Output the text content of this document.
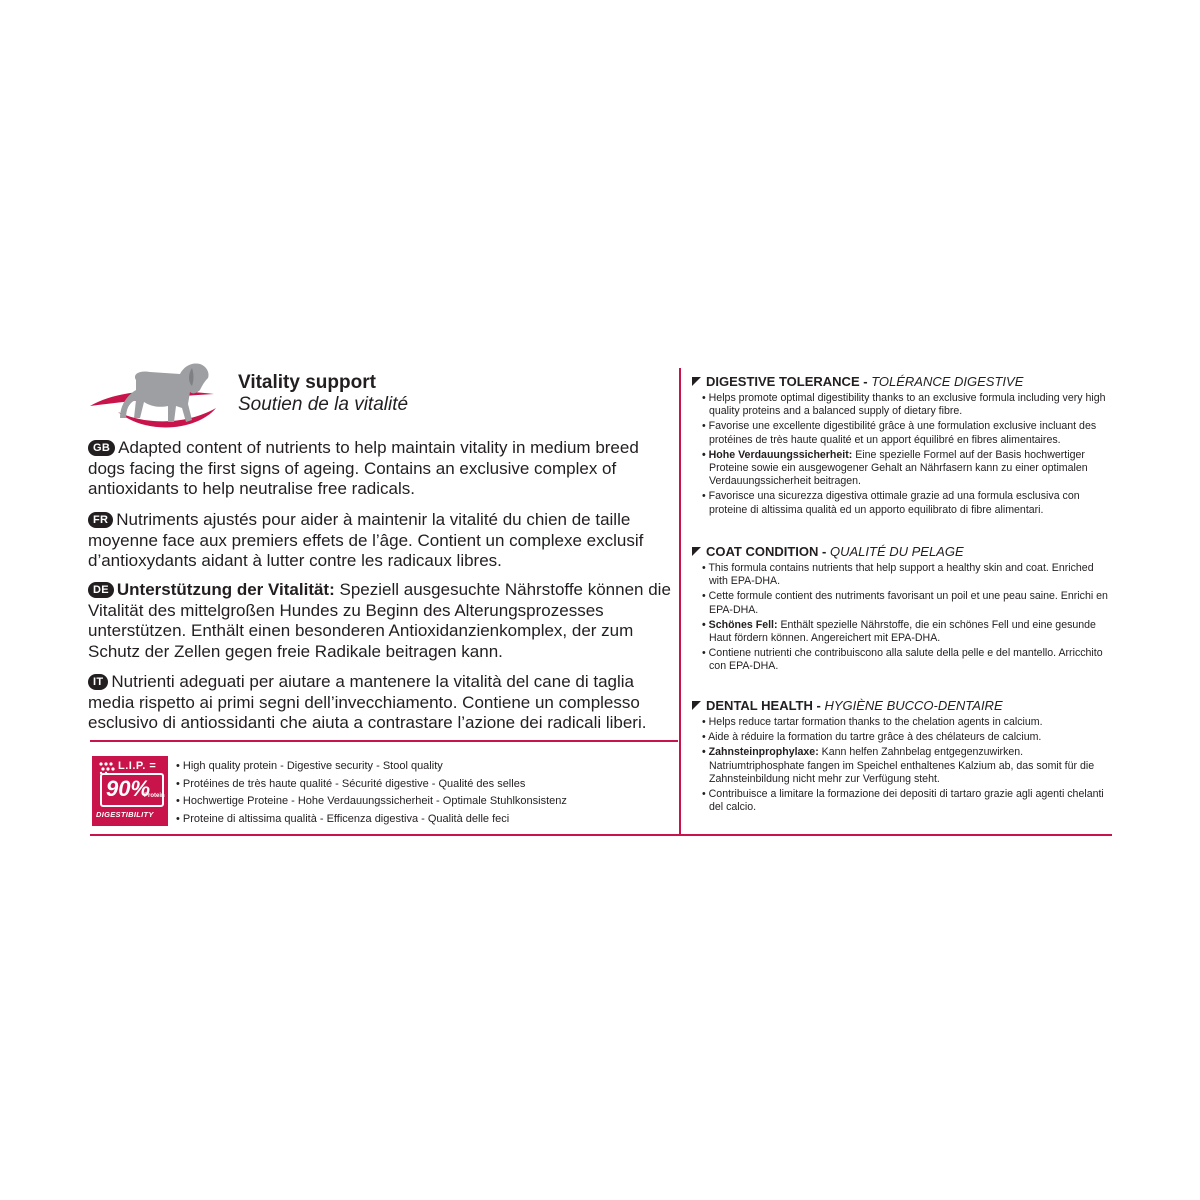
Vitality support
Soutien de la vitalité
GB Adapted content of nutrients to help maintain vitality in medium breed dogs facing the first signs of ageing. Contains an exclusive complex of antioxidants to help neutralise free radicals.
FR Nutriments ajustés pour aider à maintenir la vitalité du chien de taille moyenne face aux premiers effets de l’âge. Contient un complexe exclusif d’antioxydants aidant à lutter contre les radicaux libres.
DE Unterstützung der Vitalität: Speziell ausgesuchte Nährstoffe können die Vitalität des mittelgroßen Hundes zu Beginn des Alterungsprozesses unterstützen. Enthält einen besonderen Antioxidanzienkomplex, der zum Schutz der Zellen gegen freie Radikale beitragen kann.
IT Nutrienti adeguati per aiutare a mantenere la vitalità del cane di taglia media rispetto ai primi segni dell’invecchiamento. Contiene un complesso esclusivo di antiossidanti che aiuta a contrastare l’azione dei radicali liberi.
L.I.P. =
90%
Protein
DIGESTIBILITY
• High quality protein - Digestive security - Stool quality
• Protéines de très haute qualité - Sécurité digestive - Qualité des selles
• Hochwertige Proteine - Hohe Verdauungssicherheit - Optimale Stuhlkonsistenz
• Proteine di altissima qualità - Efficenza digestiva - Qualità delle feci
DIGESTIVE TOLERANCE - TOLÉRANCE DIGESTIVE
• Helps promote optimal digestibility thanks to an exclusive formula including very high quality proteins and a balanced supply of dietary fibre.
• Favorise une excellente digestibilité grâce à une formulation exclusive incluant des protéines de très haute qualité et un apport équilibré en fibres alimentaires.
• Hohe Verdauungssicherheit: Eine spezielle Formel auf der Basis hochwertiger Proteine sowie ein ausgewogener Gehalt an Nährfasern kann zu einer optimalen Verdauungssicherheit beitragen.
• Favorisce una sicurezza digestiva ottimale grazie ad una formula esclusiva con proteine di altissima qualità ed un apporto equilibrato di fibre alimentari.
COAT CONDITION - QUALITÉ DU PELAGE
• This formula contains nutrients that help support a healthy skin and coat. Enriched with EPA-DHA.
• Cette formule contient des nutriments favorisant un poil et une peau saine. Enrichi en EPA-DHA.
• Schönes Fell: Enthält spezielle Nährstoffe, die ein schönes Fell und eine gesunde Haut fördern können. Angereichert mit EPA-DHA.
• Contiene nutrienti che contribuiscono alla salute della pelle e del mantello. Arricchito con EPA-DHA.
DENTAL HEALTH - HYGIÈNE BUCCO-DENTAIRE
• Helps reduce tartar formation thanks to the chelation agents in calcium.
• Aide à réduire la formation du tartre grâce à des chélateurs de calcium.
• Zahnsteinprophylaxe: Kann helfen Zahnbelag entgegenzuwirken. Natriumtriphosphate fangen im Speichel enthaltenes Kalzium ab, das somit für die Zahnsteinbildung nicht mehr zur Verfügung steht.
• Contribuisce a limitare la formazione dei depositi di tartaro grazie agli agenti chelanti del calcio.
